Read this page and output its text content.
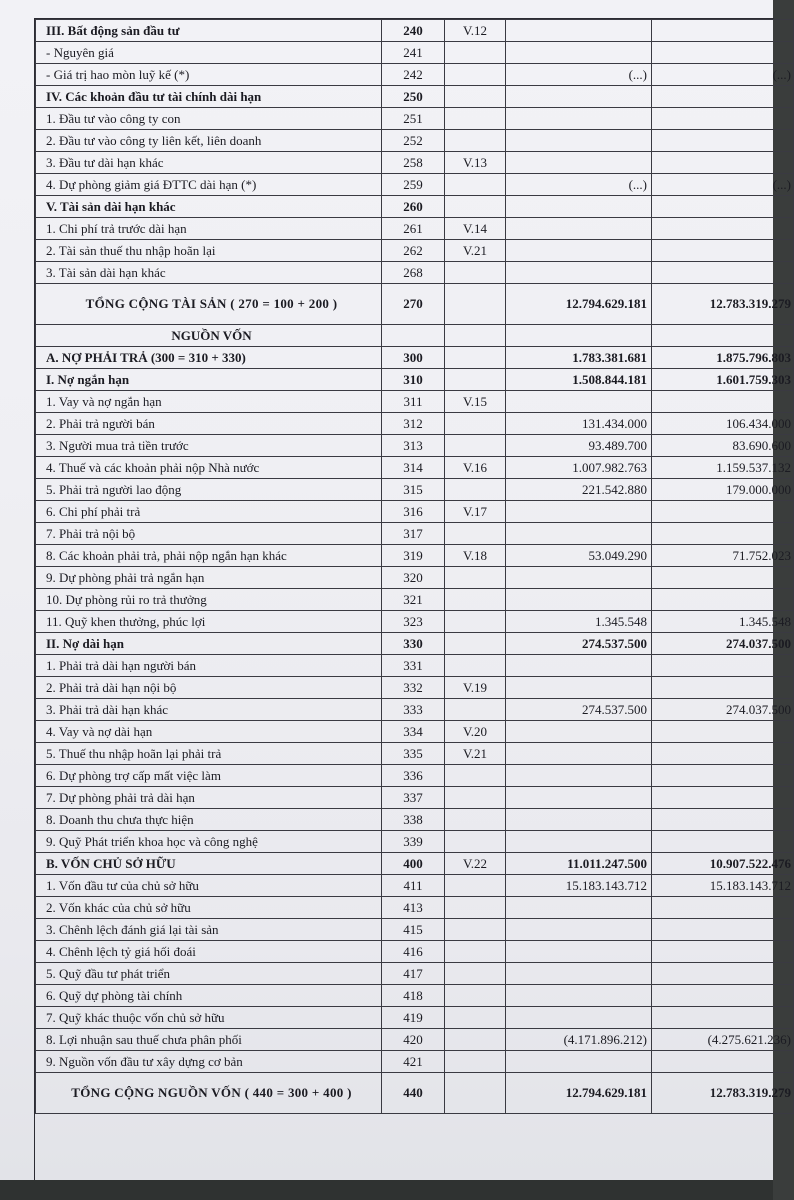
III. Bất động sản đầu tư	240	V.12		
- Nguyên giá	241			
- Giá trị hao mòn luỹ kế (*)	242		(...)	(...)
IV. Các khoản đầu tư tài chính dài hạn	250			
1. Đầu tư vào công ty con	251			
2. Đầu tư vào công ty liên kết, liên doanh	252			
3. Đầu tư dài hạn khác	258	V.13		
4. Dự phòng giảm giá ĐTTC dài hạn (*)	259		(...)	(...)
V. Tài sản dài hạn khác	260			
1. Chi phí trả trước dài hạn	261	V.14		
2. Tài sản thuế thu nhập hoãn lại	262	V.21		
3. Tài sản dài hạn khác	268			
TỔNG CỘNG TÀI SẢN ( 270 = 100 + 200 )	270		12.794.629.181	12.783.319.279
NGUỒN VỐN				
A. NỢ PHẢI TRẢ (300 = 310 + 330)	300		1.783.381.681	1.875.796.803
I. Nợ ngắn hạn	310		1.508.844.181	1.601.759.303
1. Vay và nợ ngắn hạn	311	V.15		
2. Phải trả người bán	312		131.434.000	106.434.000
3. Người mua trả tiền trước	313		93.489.700	83.690.600
4. Thuế và các khoản phải nộp Nhà nước	314	V.16	1.007.982.763	1.159.537.132
5. Phải trả người lao động	315		221.542.880	179.000.000
6. Chi phí phải trả	316	V.17		
7. Phải trả nội bộ	317			
8. Các khoản phải trả, phải nộp ngắn hạn khác	319	V.18	53.049.290	71.752.023
9. Dự phòng phải trả ngắn hạn	320			
10. Dự phòng rủi ro trả thưởng	321			
11. Quỹ khen thưởng, phúc lợi	323		1.345.548	1.345.548
II. Nợ dài hạn	330		274.537.500	274.037.500
1. Phải trả dài hạn người bán	331			
2. Phải trả dài hạn nội bộ	332	V.19		
3. Phải trả dài hạn khác	333		274.537.500	274.037.500
4. Vay và nợ dài hạn	334	V.20		
5. Thuế thu nhập hoãn lại phải trả	335	V.21		
6. Dự phòng trợ cấp mất việc làm	336			
7. Dự phòng phải trả dài hạn	337			
8. Doanh thu chưa thực hiện	338			
9. Quỹ Phát triển khoa học và công nghệ	339			
B. VỐN CHỦ SỞ HỮU	400	V.22	11.011.247.500	10.907.522.476
1. Vốn đầu tư của chủ sở hữu	411		15.183.143.712	15.183.143.712
2. Vốn khác của chủ sở hữu	413			
3. Chênh lệch đánh giá lại tài sản	415			
4. Chênh lệch tỷ giá hối đoái	416			
5. Quỹ đầu tư phát triển	417			
6. Quỹ dự phòng tài chính	418			
7. Quỹ khác thuộc vốn chủ sở hữu	419			
8. Lợi nhuận sau thuế chưa phân phối	420		(4.171.896.212)	(4.275.621.236)
9. Nguồn vốn đầu tư xây dựng cơ bản	421			
TỔNG CỘNG NGUỒN VỐN ( 440 = 300 + 400 )	440		12.794.629.181	12.783.319.279
